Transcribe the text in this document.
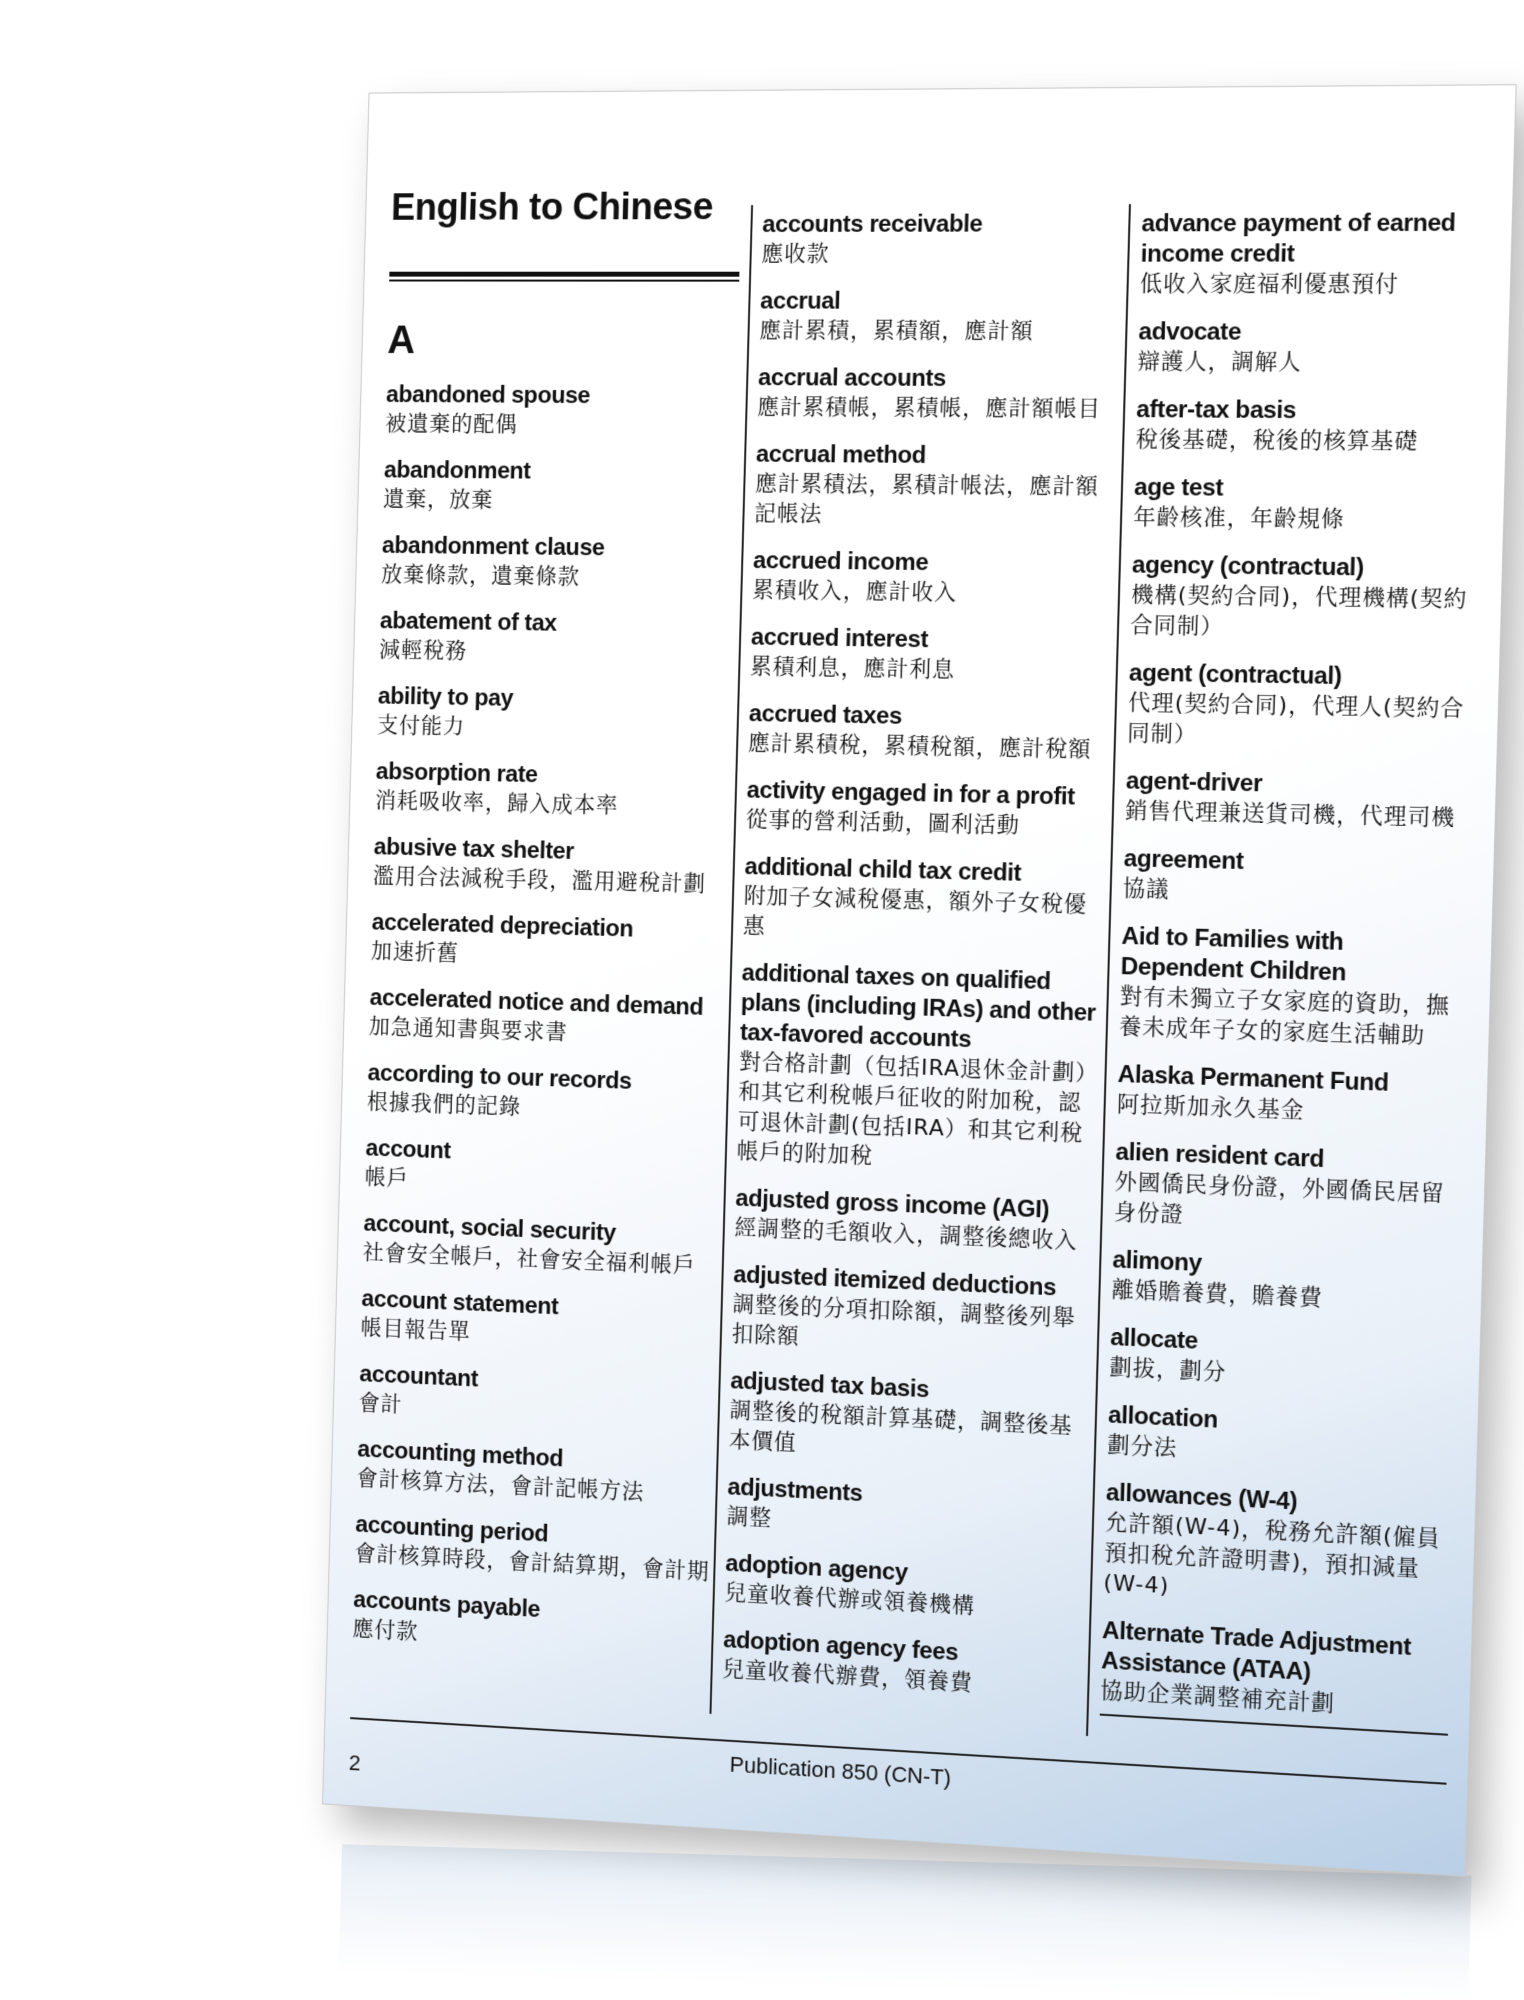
English to Chinese
A
abandoned spouse
被遺棄的配偶
abandonment
遺棄，放棄
abandonment clause
放棄條款，遺棄條款
abatement of tax
減輕稅務
ability to pay
支付能力
absorption rate
消耗吸收率，歸入成本率
abusive tax shelter
濫用合法減稅手段，濫用避稅計劃
accelerated depreciation
加速折舊
accelerated notice and demand
加急通知書與要求書
according to our records
根據我們的記錄
account
帳戶
account, social security
社會安全帳戶，社會安全福利帳戶
account statement
帳目報告單
accountant
會計
accounting method
會計核算方法，會計記帳方法
accounting period
會計核算時段，會計結算期，會計期
accounts payable
應付款
accounts receivable
應收款
accrual
應計累積，累積額，應計額
accrual accounts
應計累積帳，累積帳，應計額帳目
accrual method
應計累積法，累積計帳法，應計額記帳法
accrued income
累積收入，應計收入
accrued interest
累積利息，應計利息
accrued taxes
應計累積稅，累積稅額，應計稅額
activity engaged in for a profit
從事的營利活動，圖利活動
additional child tax credit
附加子女減稅優惠，額外子女稅優惠
additional taxes on qualified plans (including IRAs) and other tax-favored accounts
對合格計劃（包括IRA退休金計劃）和其它利稅帳戶征收的附加稅，認可退休計劃(包括IRA）和其它利稅帳戶的附加稅
adjusted gross income (AGI)
經調整的毛額收入，調整後總收入
adjusted itemized deductions
調整後的分項扣除額，調整後列舉扣除額
adjusted tax basis
調整後的稅額計算基礎，調整後基本價值
adjustments
調整
adoption agency
兒童收養代辦或領養機構
adoption agency fees
兒童收養代辦費，領養費
advance payment of earned income credit
低收入家庭福利優惠預付
advocate
辯護人，調解人
after-tax basis
稅後基礎，稅後的核算基礎
age test
年齡核准，年齡規條
agency (contractual)
機構(契約合同)，代理機構(契約合同制）
agent (contractual)
代理(契約合同)，代理人(契約合同制）
agent-driver
銷售代理兼送貨司機，代理司機
agreement
協議
Aid to Families with Dependent Children
對有未獨立子女家庭的資助，撫養未成年子女的家庭生活輔助
Alaska Permanent Fund
阿拉斯加永久基金
alien resident card
外國僑民身份證，外國僑民居留身份證
alimony
離婚贍養費，贍養費
allocate
劃拔，劃分
allocation
劃分法
allowances (W-4)
允許額(W-4)，稅務允許額(僱員預扣稅允許證明書)，預扣減量(W-4)
Alternate Trade Adjustment Assistance (ATAA)
協助企業調整補充計劃
Publication 850 (CN-T)
2
